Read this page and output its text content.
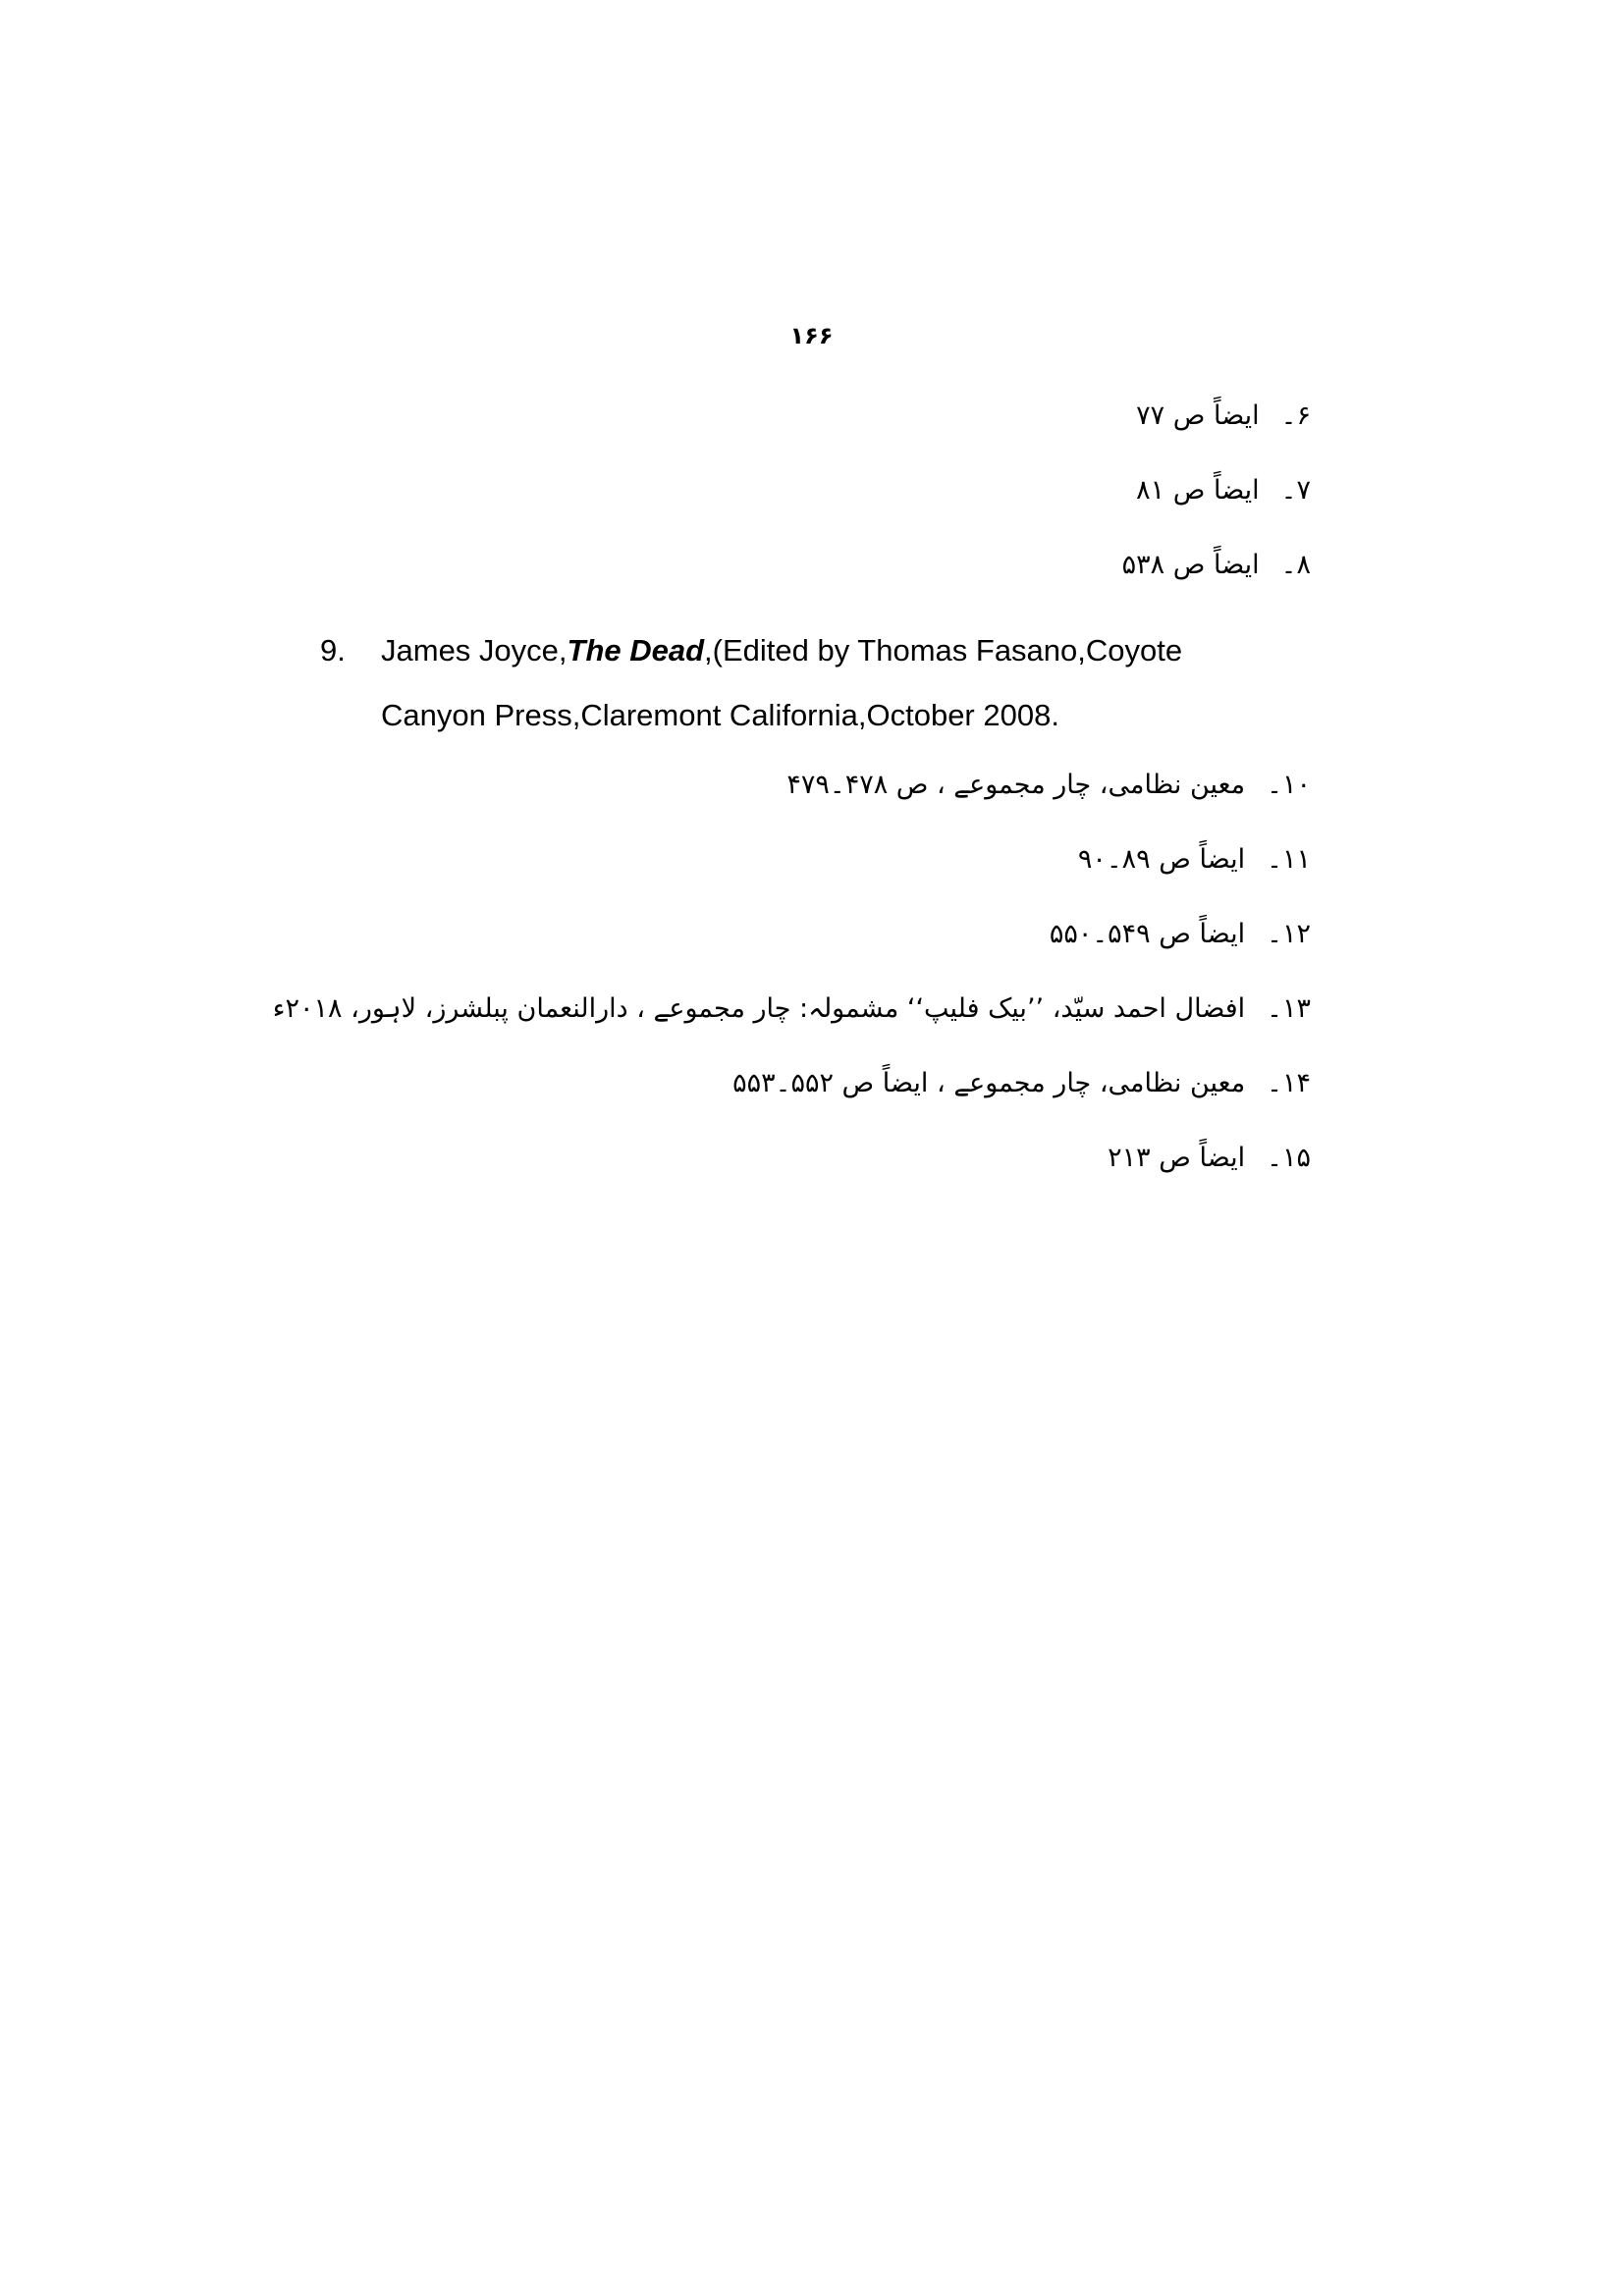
۱۶۶
۶۔ایضاً ص ۷۷
۷۔ایضاً ص ۸۱
۸۔ایضاً ص ۵۳۸
9.	James Joyce,The Dead,(Edited by Thomas Fasano,Coyote
Canyon Press,Claremont California,October 2008.
۱۰۔معین نظامی، چار مجموعے ، ص ۴۷۸۔۴۷۹
۱۱۔ایضاً ص ۸۹۔۹۰
۱۲۔ایضاً ص ۵۴۹۔۵۵۰
۱۳۔افضال احمد سیّد، ’’بیک فلیپ‘‘ مشمولہ: چار مجموعے ، دارالنعمان پبلشرز، لاہور، ۲۰۱۸ء
۱۴۔معین نظامی، چار مجموعے ، ایضاً ص ۵۵۲۔۵۵۳
۱۵۔ایضاً ص ۲۱۳
